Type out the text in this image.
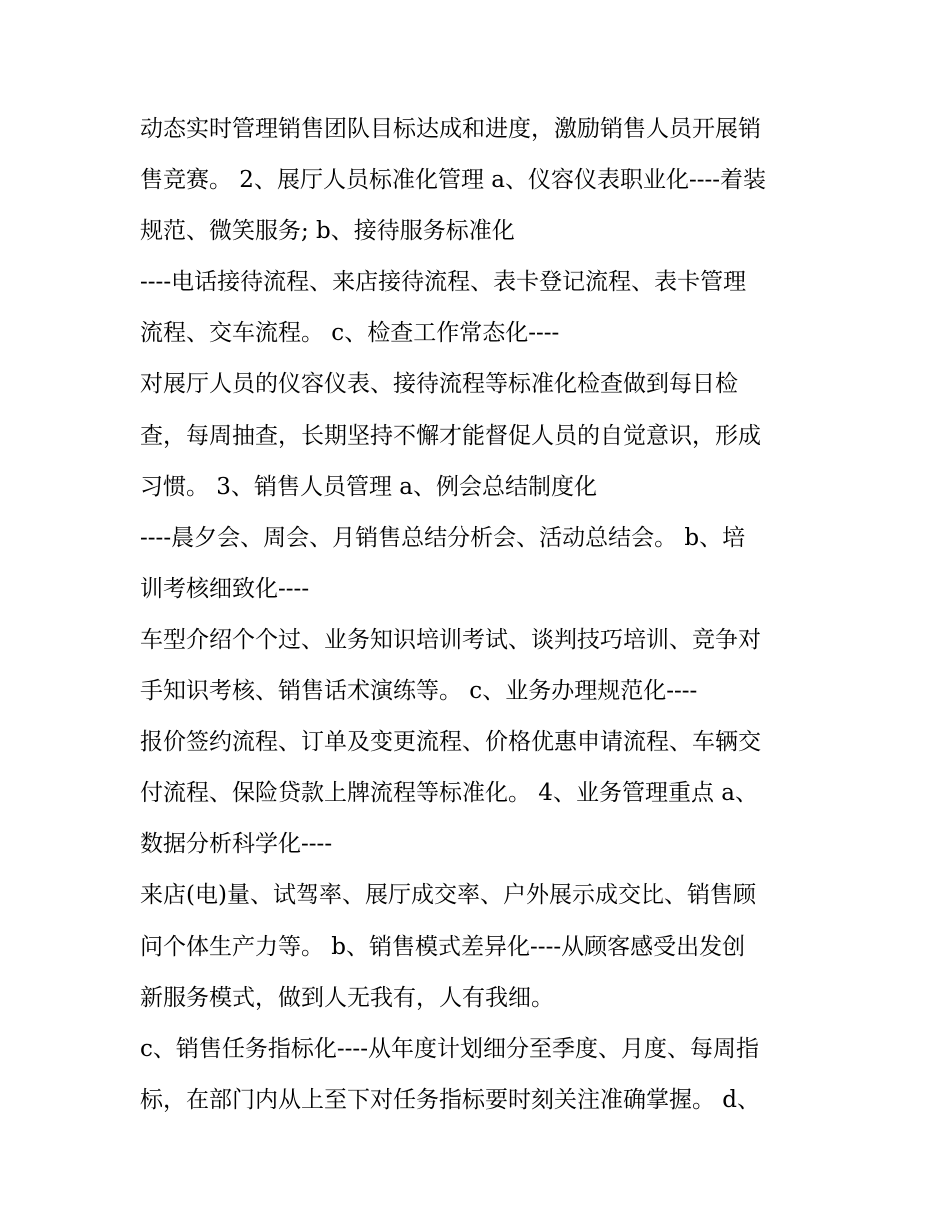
动态实时管理销售团队目标达成和进度，激励销售人员开展销
售竞赛。 2、展厅人员标准化管理 a、仪容仪表职业化----着装
规范、微笑服务; b、接待服务标准化
----电话接待流程、来店接待流程、表卡登记流程、表卡管理
流程、交车流程。 c、检查工作常态化----
对展厅人员的仪容仪表、接待流程等标准化检查做到每日检
查，每周抽查，长期坚持不懈才能督促人员的自觉意识，形成
习惯。 3、销售人员管理 a、例会总结制度化
----晨夕会、周会、月销售总结分析会、活动总结会。 b、培
训考核细致化----
车型介绍个个过、业务知识培训考试、谈判技巧培训、竞争对
手知识考核、销售话术演练等。 c、业务办理规范化----
报价签约流程、订单及变更流程、价格优惠申请流程、车辆交
付流程、保险贷款上牌流程等标准化。 4、业务管理重点 a、
数据分析科学化----
来店(电)量、试驾率、展厅成交率、户外展示成交比、销售顾
问个体生产力等。 b、销售模式差异化----从顾客感受出发创
新服务模式，做到人无我有，人有我细。
c、销售任务指标化----从年度计划细分至季度、月度、每周指
标，在部门内从上至下对任务指标要时刻关注准确掌握。 d、
